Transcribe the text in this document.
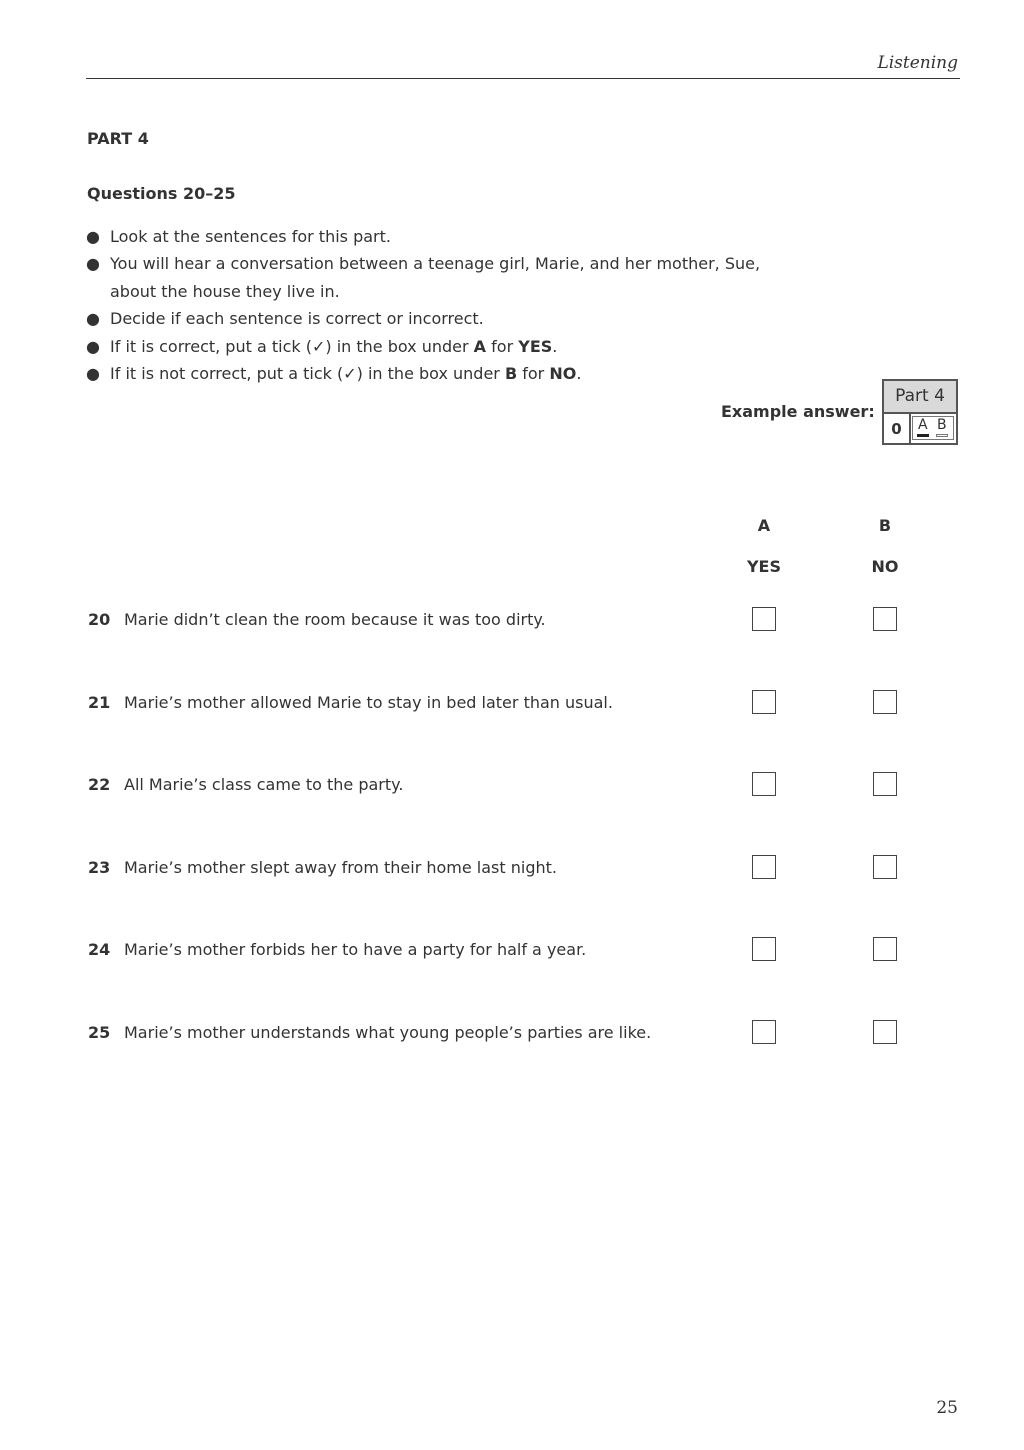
Listening
PART 4
Questions 20–25
● Look at the sentences for this part.
● You will hear a conversation between a teenage girl, Marie, and her mother, Sue, about the house they live in.
● Decide if each sentence is correct or incorrect.
● If it is correct, put a tick (✓) in the box under A for YES.
● If it is not correct, put a tick (✓) in the box under B for NO.
Example answer:
Part 4
0	A B
A	B
YES	NO
20 Marie didn’t clean the room because it was too dirty.
21 Marie’s mother allowed Marie to stay in bed later than usual.
22 All Marie’s class came to the party.
23 Marie’s mother slept away from their home last night.
24 Marie’s mother forbids her to have a party for half a year.
25 Marie’s mother understands what young people’s parties are like.
25
